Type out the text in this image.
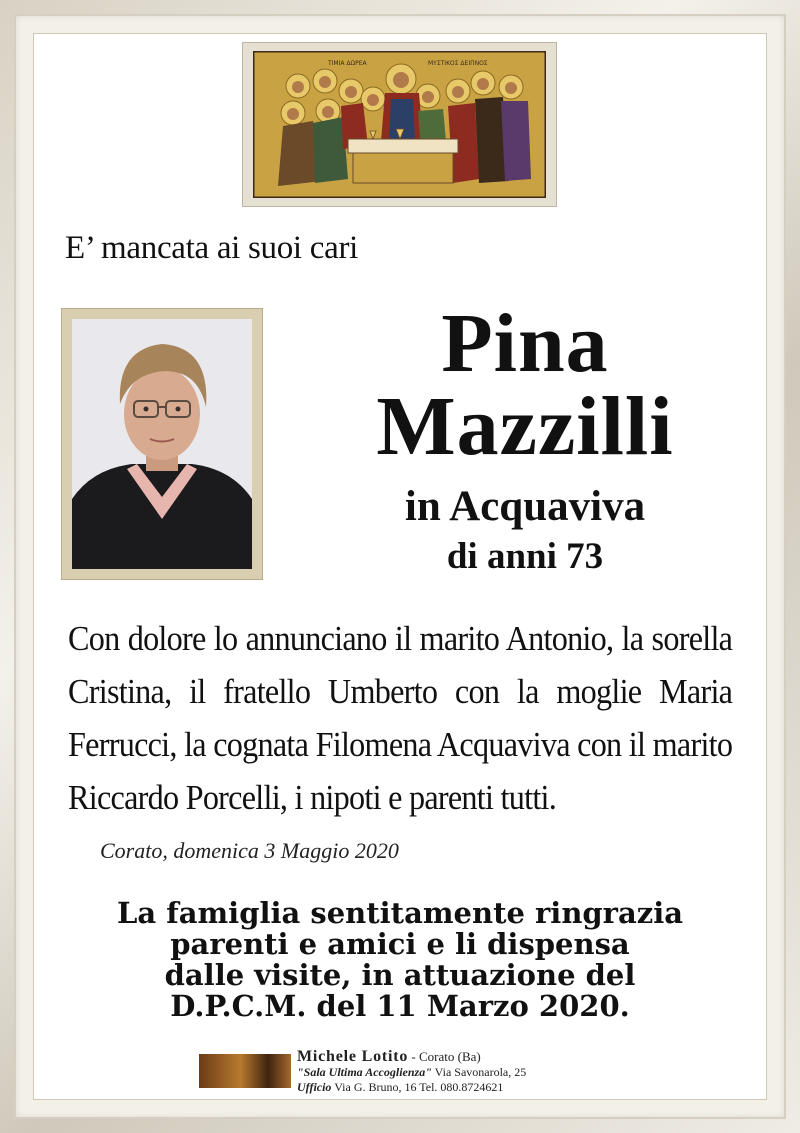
ΤΙΜΙΑ ΔΩΡΕΑ	ΜΥΣΤΙΚΟΣ ΔΕΙΠΝΟΣ
E’ mancata ai suoi cari
Pina
Mazzilli
in Acquaviva
di anni 73
Con dolore lo annunciano il marito Antonio, la sorella Cristina, il fratello Umberto con la moglie Maria Ferrucci, la cognata Filomena Acquaviva con il marito Riccardo Porcelli, i nipoti e parenti tutti.
Corato, domenica 3 Maggio 2020
La famiglia sentitamente ringrazia
parenti e amici e li dispensa
dalle visite, in attuazione del
D.P.C.M. del 11 Marzo 2020.
Michele Lotito - Corato (Ba)
"Sala Ultima Accoglienza" Via Savonarola, 25
Ufficio Via G. Bruno, 16 Tel. 080.8724621
